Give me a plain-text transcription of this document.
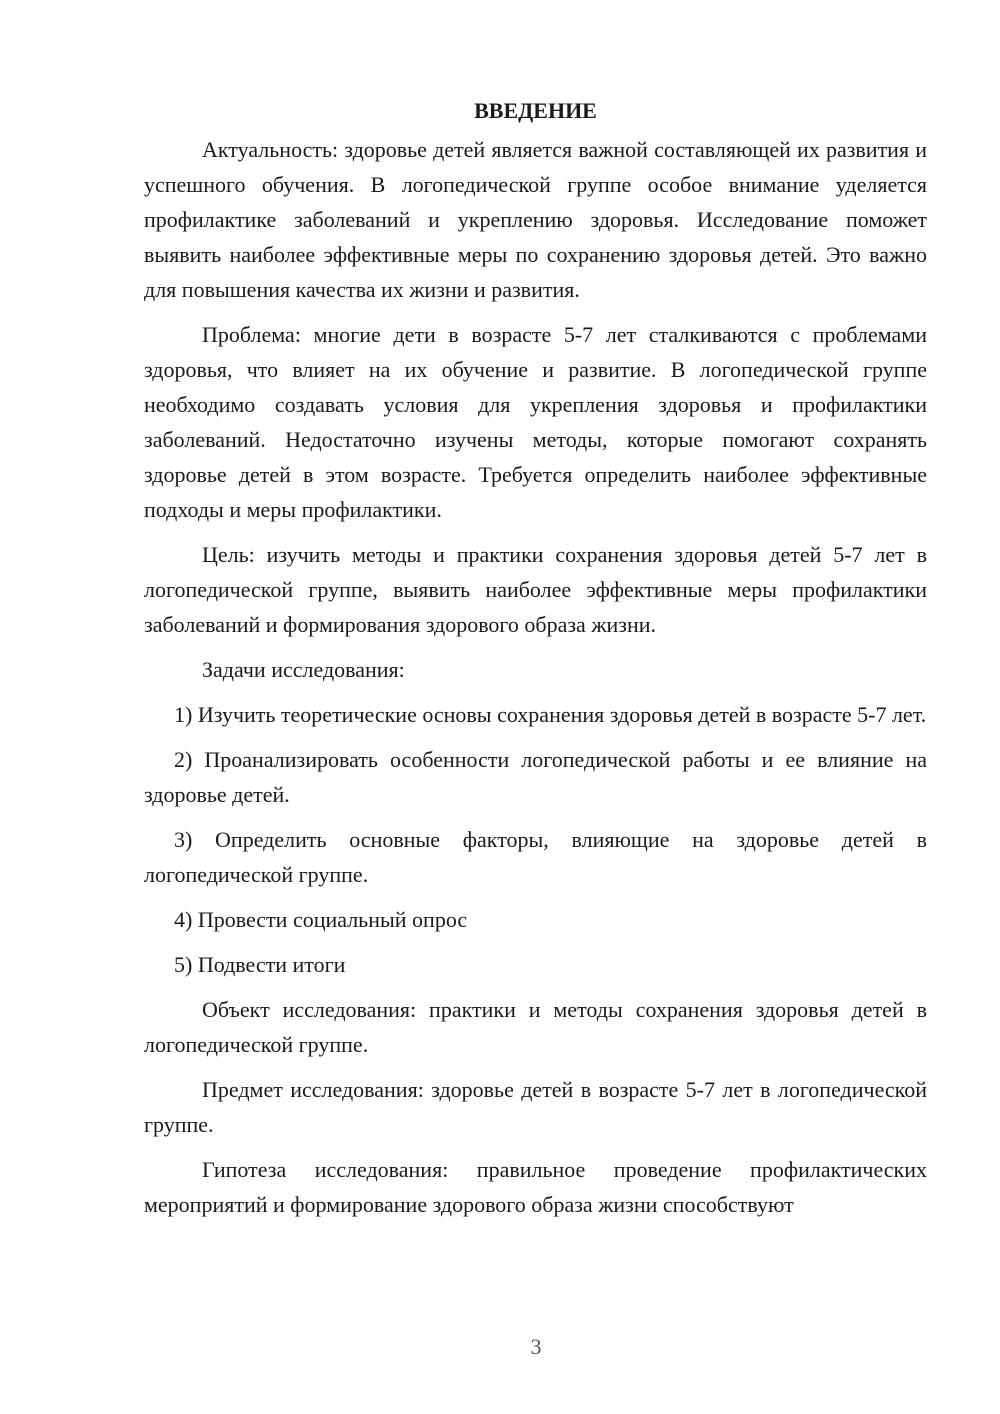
ВВЕДЕНИЕ

Актуальность: здоровье детей является важной составляющей их развития и успешного обучения. В логопедической группе особое внимание уделяется профилактике заболеваний и укреплению здоровья. Исследование поможет выявить наиболее эффективные меры по сохранению здоровья детей. Это важно для повышения качества их жизни и развития.

Проблема: многие дети в возрасте 5-7 лет сталкиваются с проблемами здоровья, что влияет на их обучение и развитие. В логопедической группе необходимо создавать условия для укрепления здоровья и профилактики заболеваний. Недостаточно изучены методы, которые помогают сохранять здоровье детей в этом возрасте. Требуется определить наиболее эффективные подходы и меры профилактики.

Цель: изучить методы и практики сохранения здоровья детей 5-7 лет в логопедической группе, выявить наиболее эффективные меры профилактики заболеваний и формирования здорового образа жизни.

Задачи исследования:

1) Изучить теоретические основы сохранения здоровья детей в возрасте 5-7 лет.

2) Проанализировать особенности логопедической работы и ее влияние на здоровье детей.

3) Определить основные факторы, влияющие на здоровье детей в логопедической группе.

4) Провести социальный опрос

5) Подвести итоги

Объект исследования: практики и методы сохранения здоровья детей в логопедической группе.

Предмет исследования: здоровье детей в возрасте 5-7 лет в логопедической группе.

Гипотеза исследования: правильное проведение профилактических мероприятий и формирование здорового образа жизни способствуют

3
